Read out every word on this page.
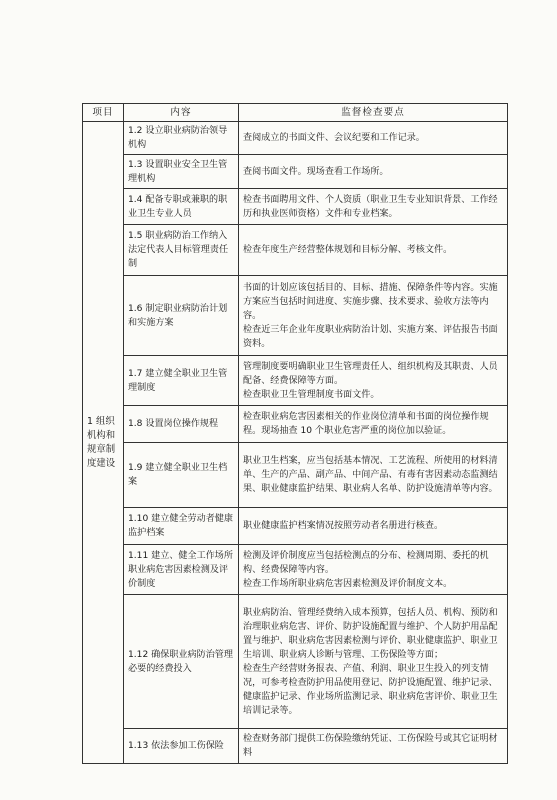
项目	内容	监督检查要点
1 组织机构和规章制度建设	1.2 设立职业病防治领导机构	查阅成立的书面文件、会议纪要和工作记录。

	1.3 设置职业安全卫生管理机构	查阅书面文件。现场查看工作场所。

	1.4 配备专职或兼职的职业卫生专业人员	检查书面聘用文件、个人资质（职业卫生专业知识背景、工作经历和执业医师资格）文件和专业档案。

	1.5 职业病防治工作纳入法定代表人目标管理责任制	检查年度生产经营整体规划和目标分解、考核文件。

	1.6 制定职业病防治计划和实施方案	书面的计划应该包括目的、目标、措施、保障条件等内容。实施方案应当包括时间进度、实施步骤、技术要求、验收方法等内容。
检查近三年企业年度职业病防治计划、实施方案、评估报告书面资料。

	1.7 建立健全职业卫生管理制度	管理制度要明确职业卫生管理责任人、组织机构及其职责、人员配备、经费保障等方面。
检查职业卫生管理制度书面文件。

	1.8 设置岗位操作规程	检查职业病危害因素相关的作业岗位清单和书面的岗位操作规程。现场抽查 10 个职业危害严重的岗位加以验证。

	1.9 建立健全职业卫生档案	职业卫生档案，应当包括基本情况、工艺流程、所使用的材料清单、生产的产品、副产品、中间产品、有毒有害因素动态监测结果、职业健康监护结果、职业病人名单、防护设施清单等内容。

	1.10 建立健全劳动者健康监护档案	职业健康监护档案情况按照劳动者名册进行核查。

	1.11 建立、健全工作场所职业病危害因素检测及评价制度	检测及评价制度应当包括检测点的分布、检测周期、委托的机构、经费保障等内容。
检查工作场所职业病危害因素检测及评价制度文本。

	1.12 确保职业病防治管理必要的经费投入	职业病防治、管理经费纳入成本预算，包括人员、机构、预防和治理职业病危害、评价、防护设施配置与维护、个人防护用品配置与维护、职业病危害因素检测与评价、职业健康监护、职业卫生培训、职业病人诊断与管理、工伤保险等方面；
检查生产经营财务报表、产值、利润、职业卫生投入的列支情况，可参考检查防护用品使用登记、防护设施配置、维护记录、健康监护记录、作业场所监测记录、职业病危害评价、职业卫生培训记录等。

	1.13 依法参加工伤保险	检查财务部门提供工伤保险缴纳凭证、工伤保险号或其它证明材料
